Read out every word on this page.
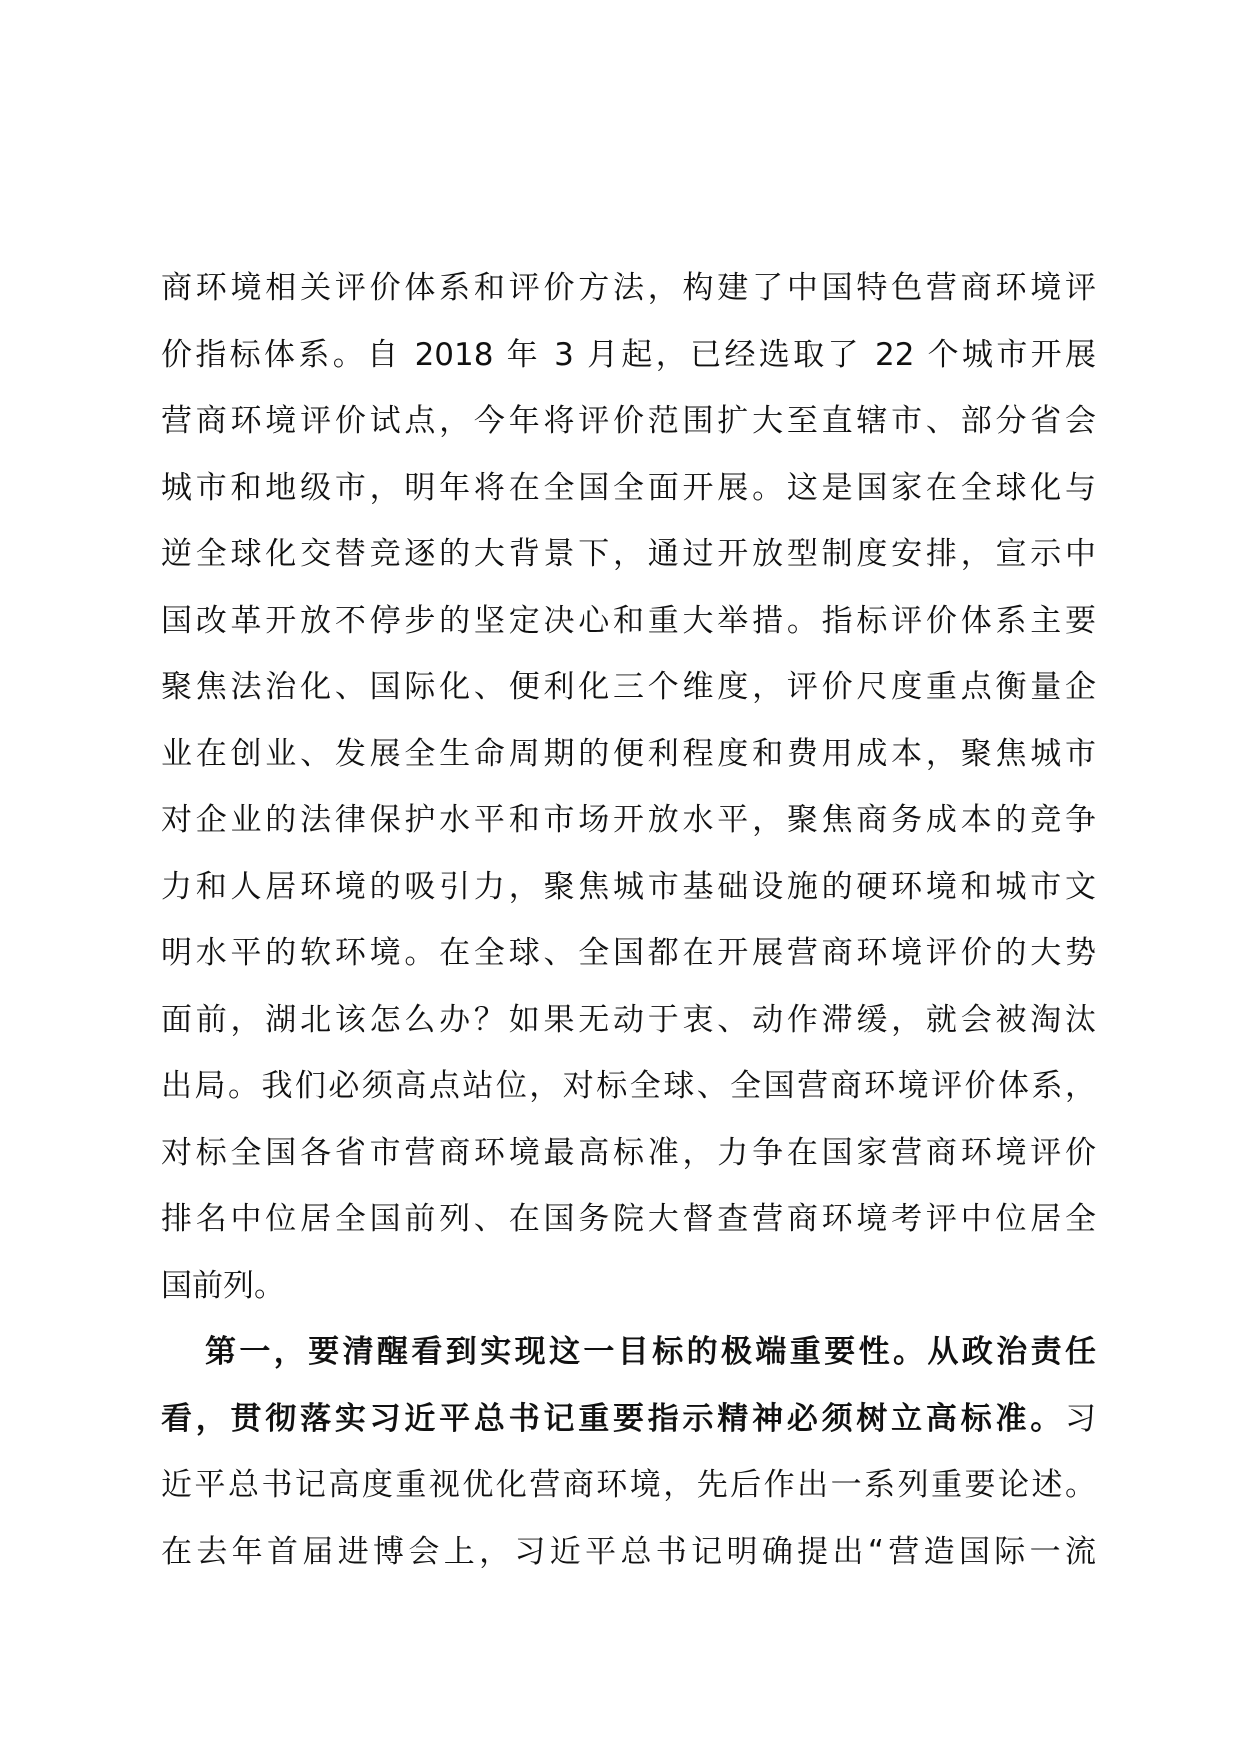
商环境相关评价体系和评价方法，构建了中国特色营商环境评
价指标体系。自 2018 年 3 月起，已经选取了 22 个城市开展
营商环境评价试点，今年将评价范围扩大至直辖市、部分省会
城市和地级市，明年将在全国全面开展。这是国家在全球化与
逆全球化交替竞逐的大背景下，通过开放型制度安排，宣示中
国改革开放不停步的坚定决心和重大举措。指标评价体系主要
聚焦法治化、国际化、便利化三个维度，评价尺度重点衡量企
业在创业、发展全生命周期的便利程度和费用成本，聚焦城市
对企业的法律保护水平和市场开放水平，聚焦商务成本的竞争
力和人居环境的吸引力，聚焦城市基础设施的硬环境和城市文
明水平的软环境。在全球、全国都在开展营商环境评价的大势
面前，湖北该怎么办？如果无动于衷、动作滞缓，就会被淘汰
出局。我们必须高点站位，对标全球、全国营商环境评价体系，
对标全国各省市营商环境最高标准，力争在国家营商环境评价
排名中位居全国前列、在国务院大督查营商环境考评中位居全
国前列。
第一，要清醒看到实现这一目标的极端重要性。从政治责任
看，贯彻落实习近平总书记重要指示精神必须树立高标准。习
近平总书记高度重视优化营商环境，先后作出一系列重要论述。
在去年首届进博会上，习近平总书记明确提出“营造国际一流
